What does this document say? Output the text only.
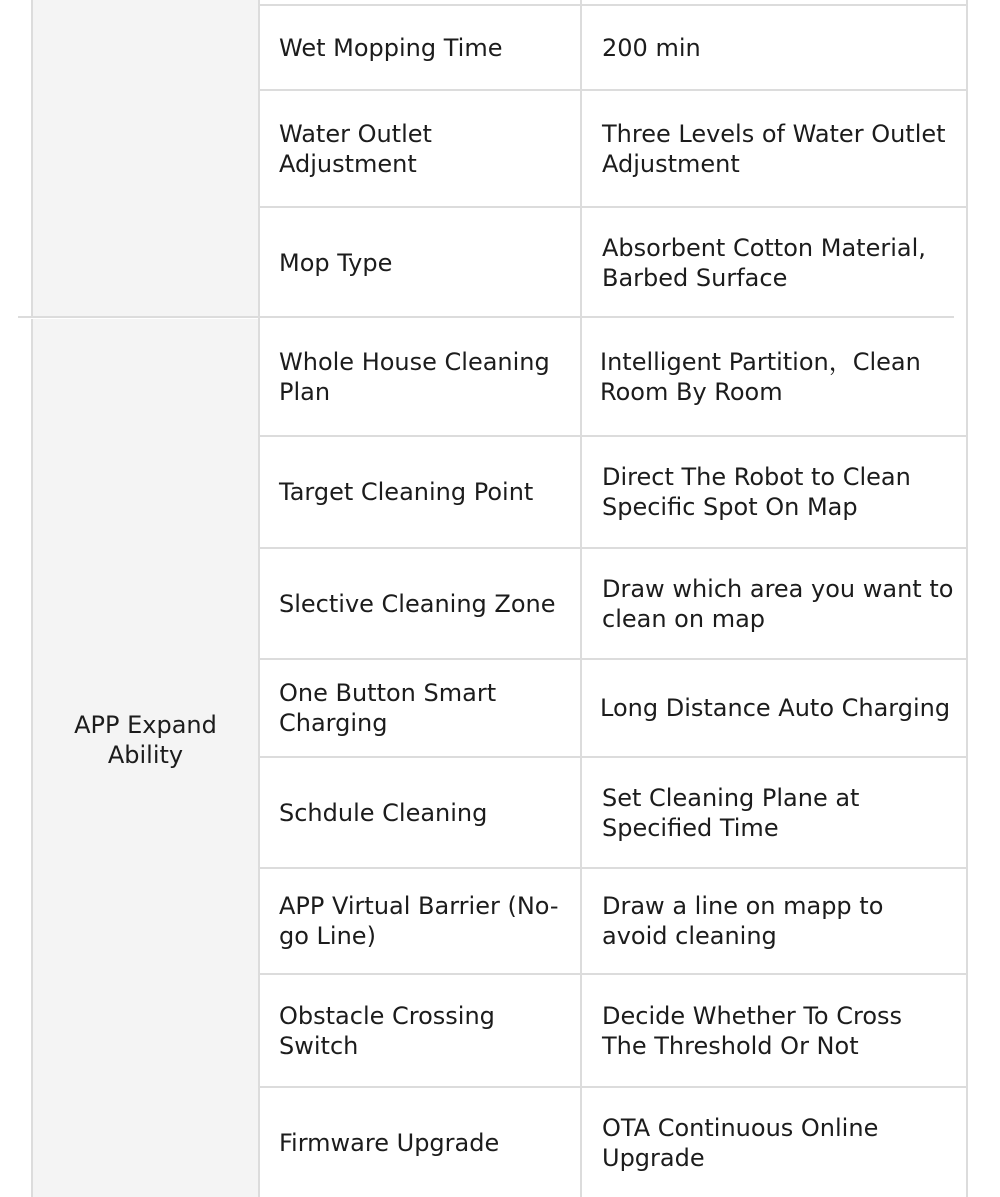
APP Expand Ability
Wet Mopping Time	200 min
Water Outlet Adjustment
Three Levels of Water Outlet Adjustment
Mop Type
Absorbent Cotton Material, Barbed Surface
Whole House Cleaning Plan
Intelligent Partition，Clean Room By Room
Target Cleaning Point
Direct The Robot to Clean Specific Spot On Map
Slective Cleaning Zone
Draw which area you want to clean on map
One Button Smart Charging
Long Distance Auto Charging
Schdule Cleaning
Set Cleaning Plane at Specified Time
APP Virtual Barrier (No-go Line)
Draw a line on mapp to avoid cleaning
Obstacle Crossing Switch
Decide Whether To Cross The Threshold Or Not
Firmware Upgrade
OTA Continuous Online Upgrade
